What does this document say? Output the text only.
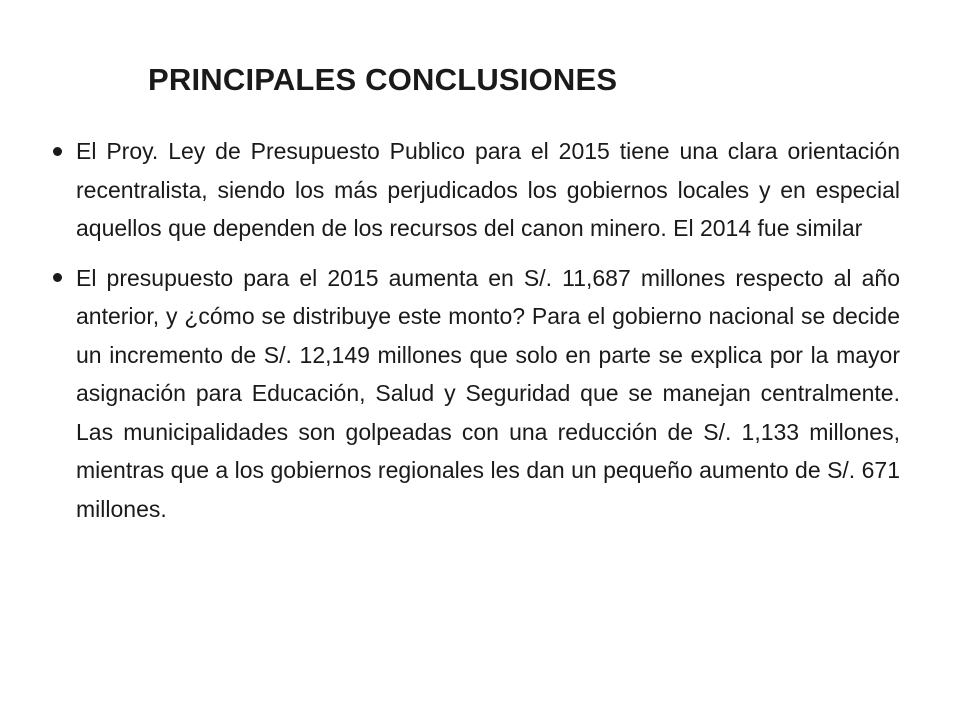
PRINCIPALES CONCLUSIONES
El Proy. Ley de Presupuesto Publico para el 2015 tiene una clara orientación recentralista, siendo los más perjudicados los gobiernos locales y en especial aquellos que dependen de los recursos del canon minero. El 2014 fue similar
El presupuesto para el 2015 aumenta en S/. 11,687 millones respecto al año anterior, y ¿cómo se distribuye este monto? Para el gobierno nacional se decide un incremento de S/. 12,149 millones que solo en parte se explica por la mayor asignación para Educación, Salud y Seguridad que se manejan centralmente. Las municipalidades son golpeadas con una reducción de S/. 1,133 millones, mientras que a los gobiernos regionales les dan un pequeño aumento de S/. 671 millones.
